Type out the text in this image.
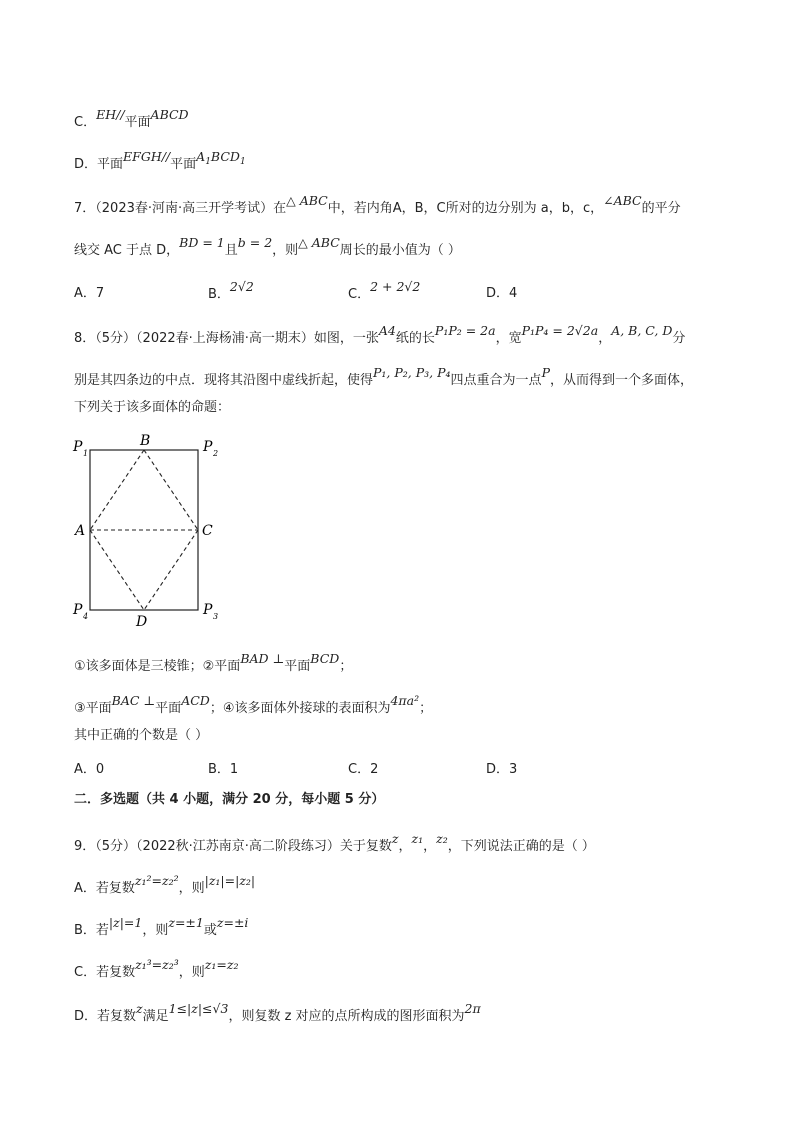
C．EH//平面ABCD
D．平面EFGH//平面$A_1BCD_1$
7．（2023春·河南·高三开学考试）在△ ABC中，若内角A，B，C所对的边分别为 a，b，c，∠ABC的平分
线交 AC 于点 D，BD = 1且b = 2，则△ ABC周长的最小值为（ ）
A．7	B．2√2
C．2 + 2√2	D．4
8．（5分）（2022春·上海杨浦·高一期末）如图，一张A4纸的长P₁P₂ = 2a，宽P₁P₄ = 2√2a，A, B, C, D分
别是其四条边的中点．现将其沿图中虚线折起，使得P₁, P₂, P₃, P₄四点重合为一点P，从而得到一个多面体，
下列关于该多面体的命题：
P 1
B	P 2
A	C
P 4	D
P 3
①该多面体是三棱锥；②平面BAD ⊥平面BCD；
③平面BAC ⊥平面ACD；④该多面体外接球的表面积为4πa²；
其中正确的个数是（ ）
A．0	B．1	C．2	D．3
二．多选题（共 4 小题，满分 20 分，每小题 5 分）
9．（5分）（2022秋·江苏南京·高二阶段练习）关于复数z，z₁，z₂，下列说法正确的是（ ）
A．若复数z₁²=z₂²，则|z₁|=|z₂|
B．若|z|=1，则z=±1或z=±i
C．若复数z₁³=z₂³，则z₁=z₂
D．若复数z满足1≤|z|≤√3，则复数 z 对应的点所构成的图形面积为2π
